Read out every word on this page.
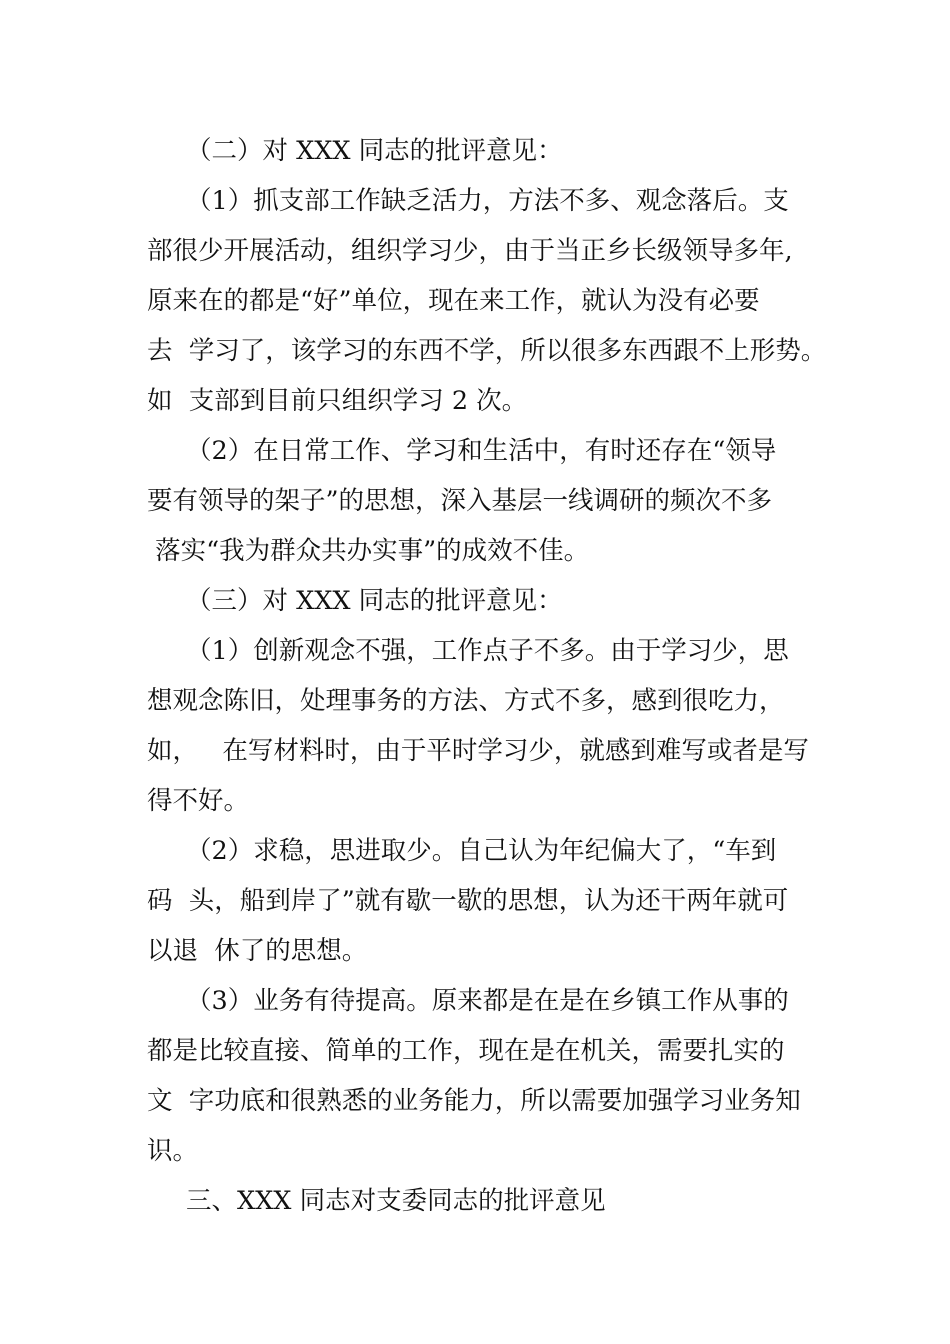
（二）对 XXX 同志的批评意见：
（1）抓支部工作缺乏活力，方法不多、观念落后。支
部很少开展活动，组织学习少，由于当正乡长级领导多年,
原来在的都是“好”单位，现在来工作，就认为没有必要
去  学习了，该学习的东西不学，所以很多东西跟不上形势。
如  支部到目前只组织学习 2 次。
（2）在日常工作、学习和生活中，有时还存在“领导
要有领导的架子”的思想，深入基层一线调研的频次不多
落实“我为群众共办实事”的成效不佳。
（三）对 XXX 同志的批评意见：
（1）创新观念不强，工作点子不多。由于学习少，思
想观念陈旧，处理事务的方法、方式不多，感到很吃力，
如，   在写材料时，由于平时学习少，就感到难写或者是写
得不好。
（2）求稳，思进取少。自己认为年纪偏大了，“车到
码  头，船到岸了”就有歇一歇的思想，认为还干两年就可
以退  休了的思想。
（3）业务有待提高。原来都是在是在乡镇工作从事的
都是比较直接、简单的工作，现在是在机关，需要扎实的
文  字功底和很熟悉的业务能力，所以需要加强学习业务知
识。
三、XXX 同志对支委同志的批评意见
